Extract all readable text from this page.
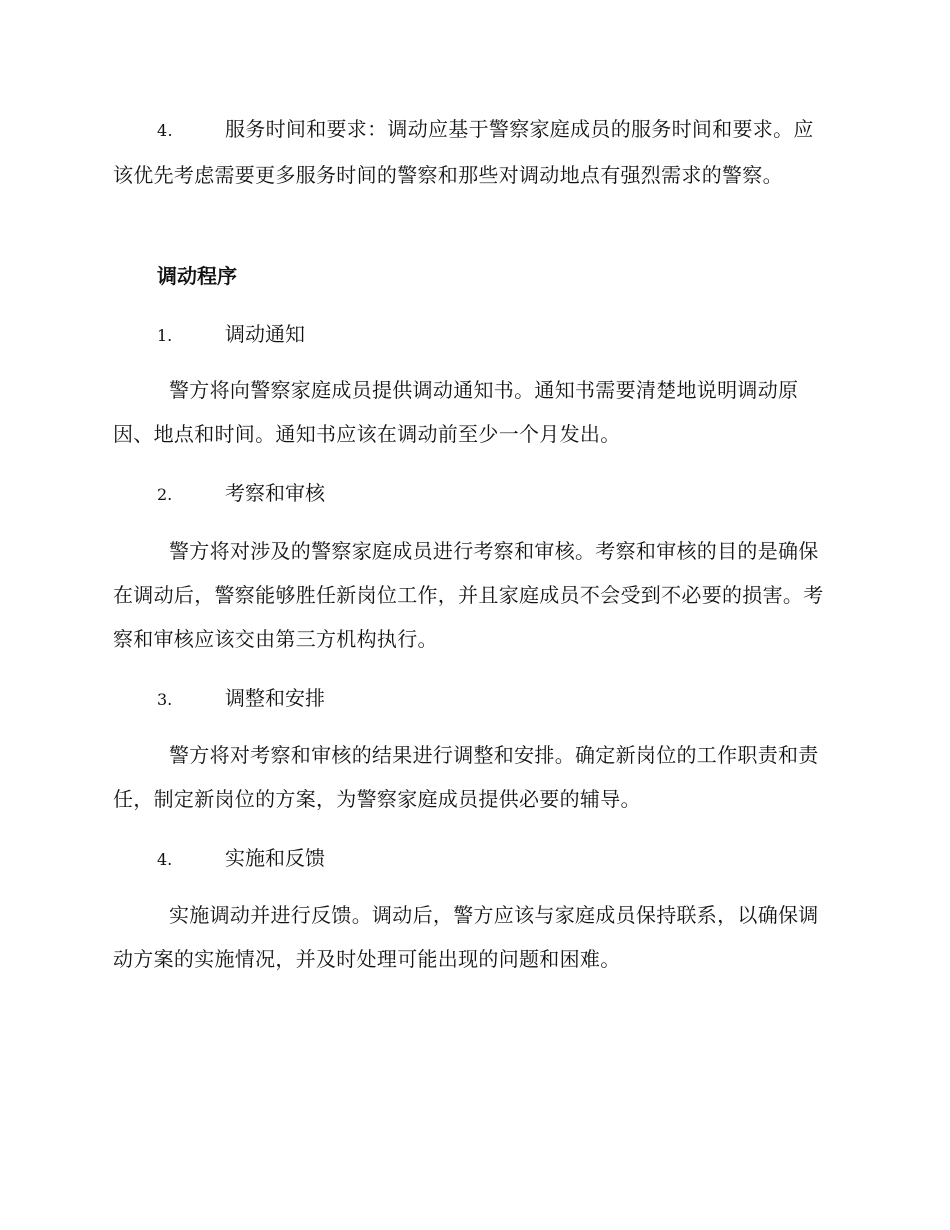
4.	服务时间和要求：调动应基于警察家庭成员的服务时间和要求。应该优先考虑需要更多服务时间的警察和那些对调动地点有强烈需求的警察。

调动程序

1.	调动通知

警方将向警察家庭成员提供调动通知书。通知书需要清楚地说明调动原因、地点和时间。通知书应该在调动前至少一个月发出。

2.	考察和审核

警方将对涉及的警察家庭成员进行考察和审核。考察和审核的目的是确保在调动后，警察能够胜任新岗位工作，并且家庭成员不会受到不必要的损害。考察和审核应该交由第三方机构执行。

3.	调整和安排

警方将对考察和审核的结果进行调整和安排。确定新岗位的工作职责和责任，制定新岗位的方案，为警察家庭成员提供必要的辅导。

4.	实施和反馈

实施调动并进行反馈。调动后，警方应该与家庭成员保持联系，以确保调动方案的实施情况，并及时处理可能出现的问题和困难。
